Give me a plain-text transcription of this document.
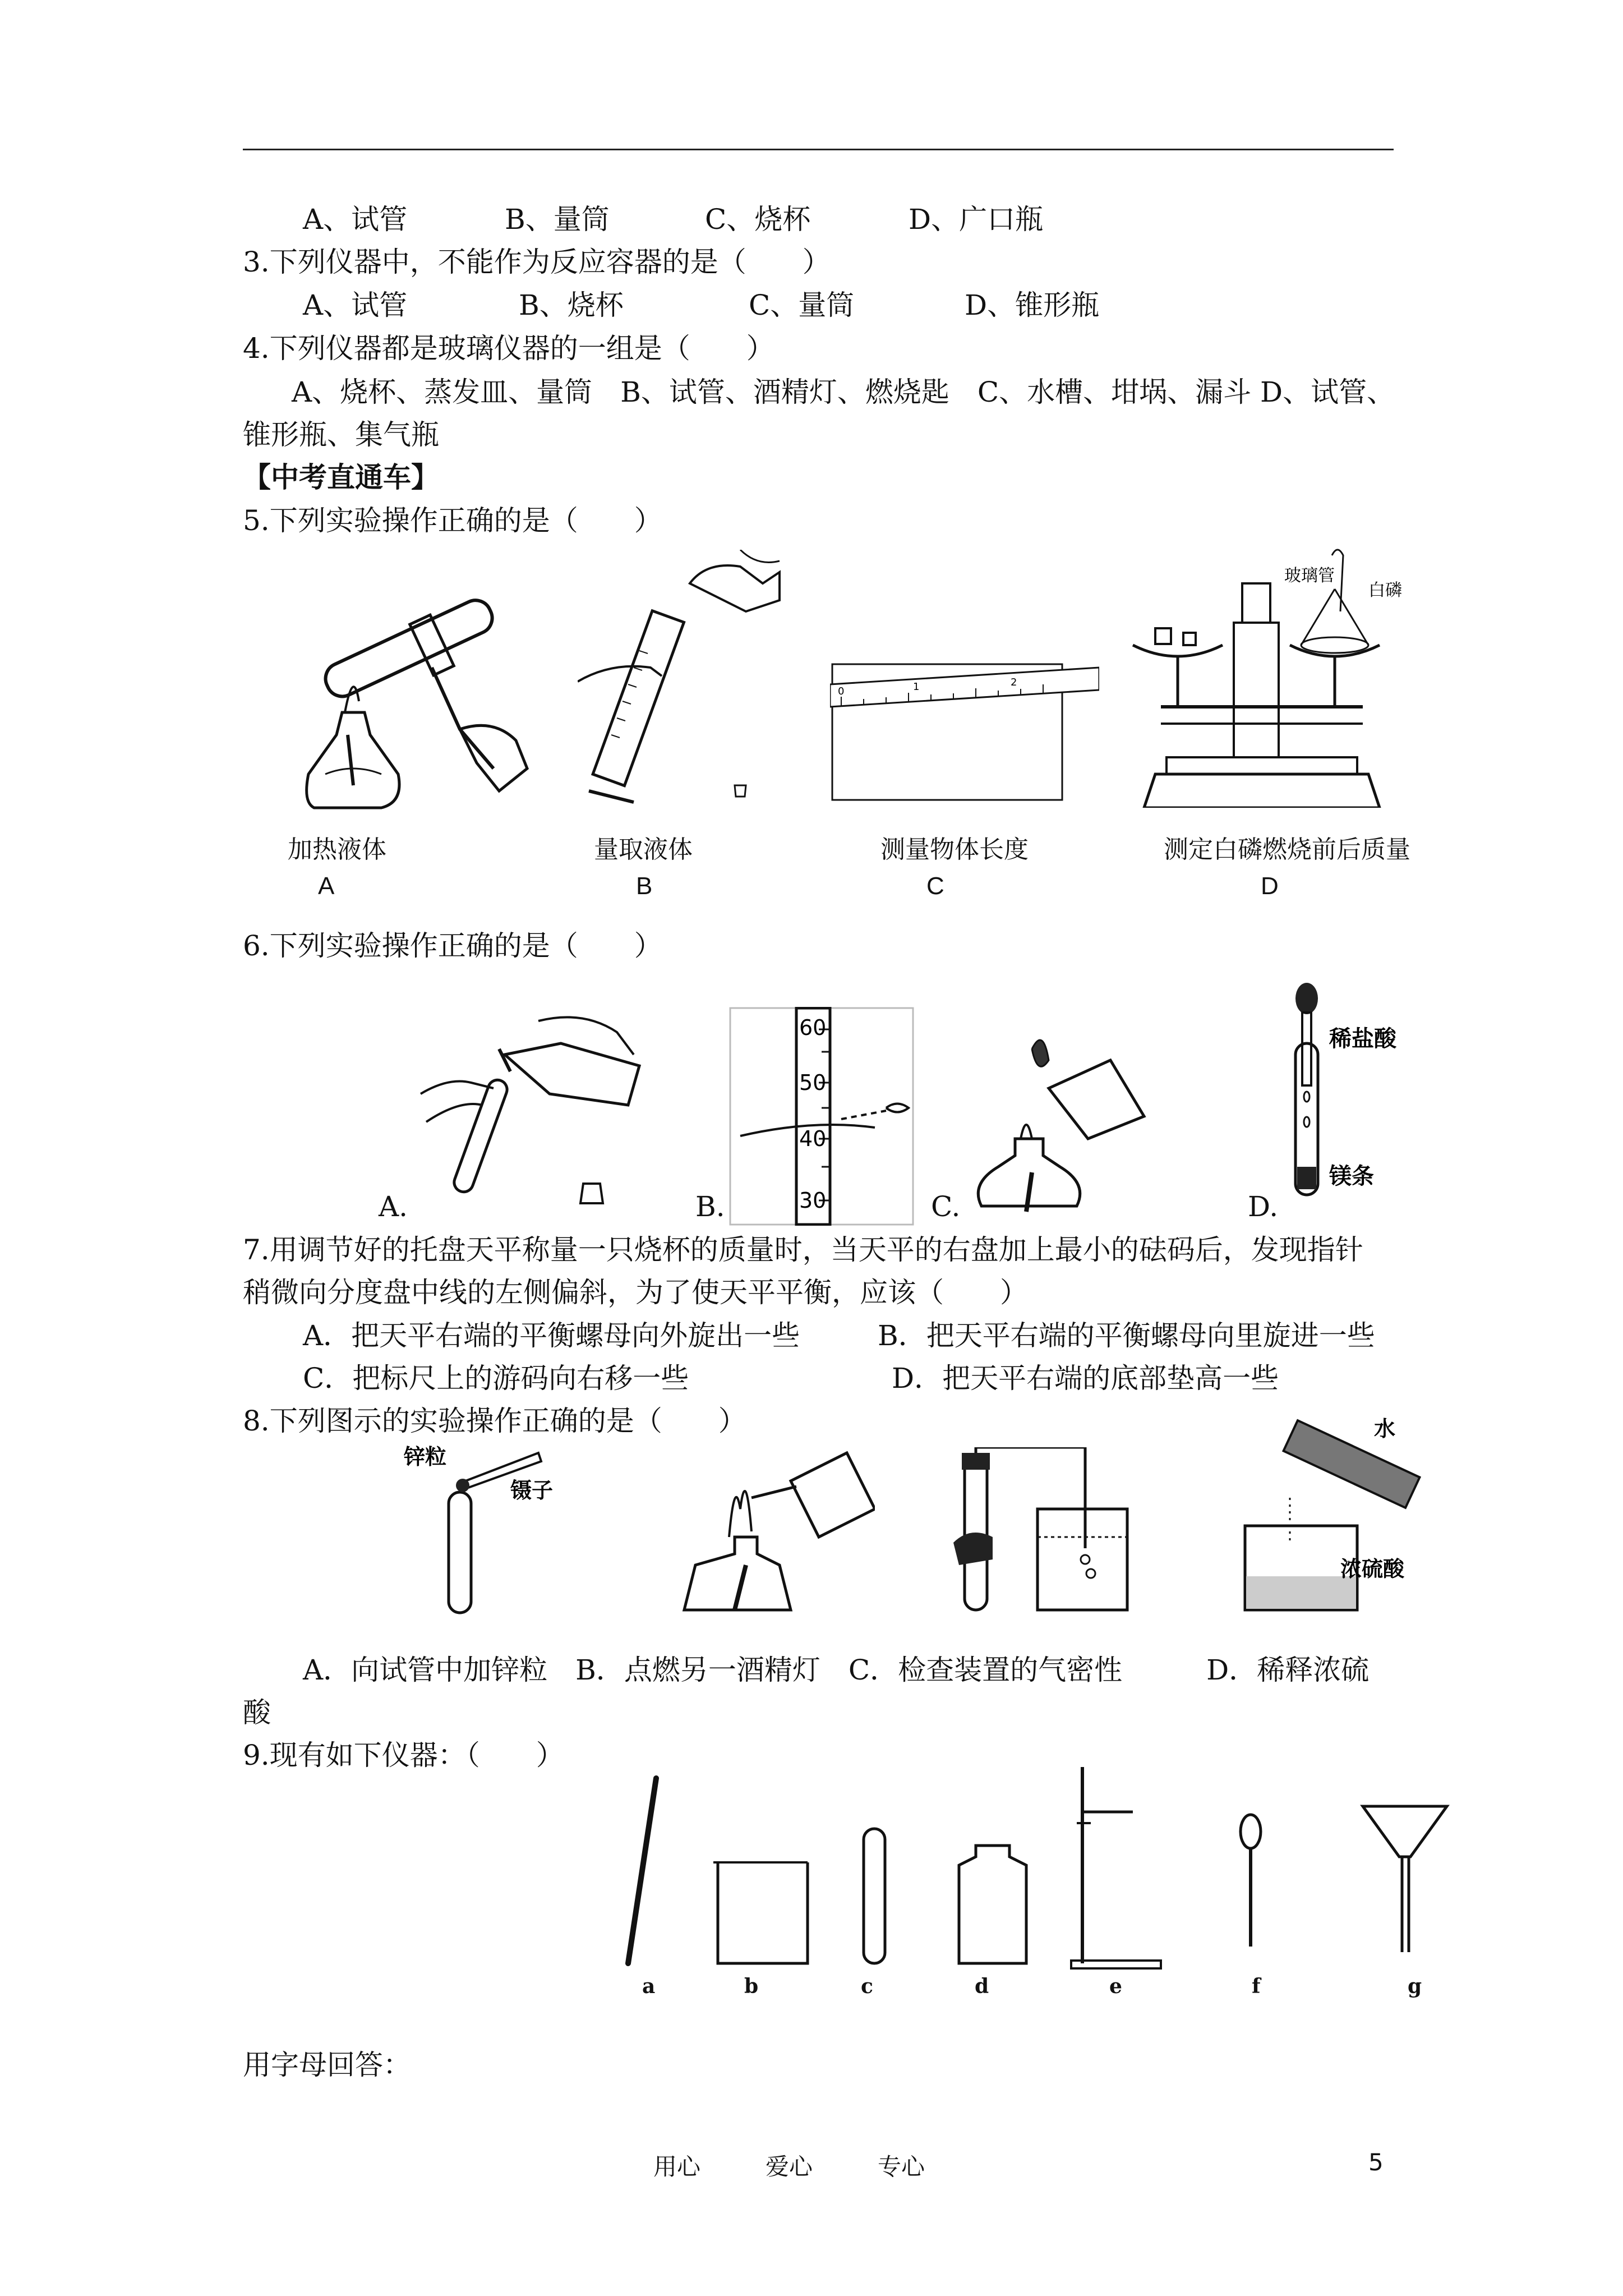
A、试管	B、量筒	C、烧杯	D、广口瓶
3.下列仪器中，不能作为反应容器的是（　　）
A、试管	B、烧杯	C、量筒	D、锥形瓶
4.下列仪器都是玻璃仪器的一组是（　　）
A、烧杯、蒸发皿、量筒　B、试管、酒精灯、燃烧匙　C、水槽、坩埚、漏斗 D、试管、
锥形瓶、集气瓶
【中考直通车】
5.下列实验操作正确的是（　　）
0	1	2
玻璃管
白磷
加热液体	量取液体	测量物体长度	测定白磷燃烧前后质量
A	B	C	D
6.下列实验操作正确的是（　　）
60
50
40
30
稀盐酸
镁条
A.	B.	C.	D.
7.用调节好的托盘天平称量一只烧杯的质量时，当天平的右盘加上最小的砝码后，发现指针
稍微向分度盘中线的左侧偏斜，为了使天平平衡，应该（　　）
A．把天平右端的平衡螺母向外旋出一些	B．把天平右端的平衡螺母向里旋进一些
C．把标尺上的游码向右移一些	D．把天平右端的底部垫高一些
8.下列图示的实验操作正确的是（　　）
锌粒
镊子
水
浓硫酸
A．向试管中加锌粒　B．点燃另一酒精灯　C．检查装置的气密性　　　D．稀释浓硫
酸
9.现有如下仪器：（　　）
a	b	c	d	e	f	g
用字母回答：
用心	爱心	专心	5
